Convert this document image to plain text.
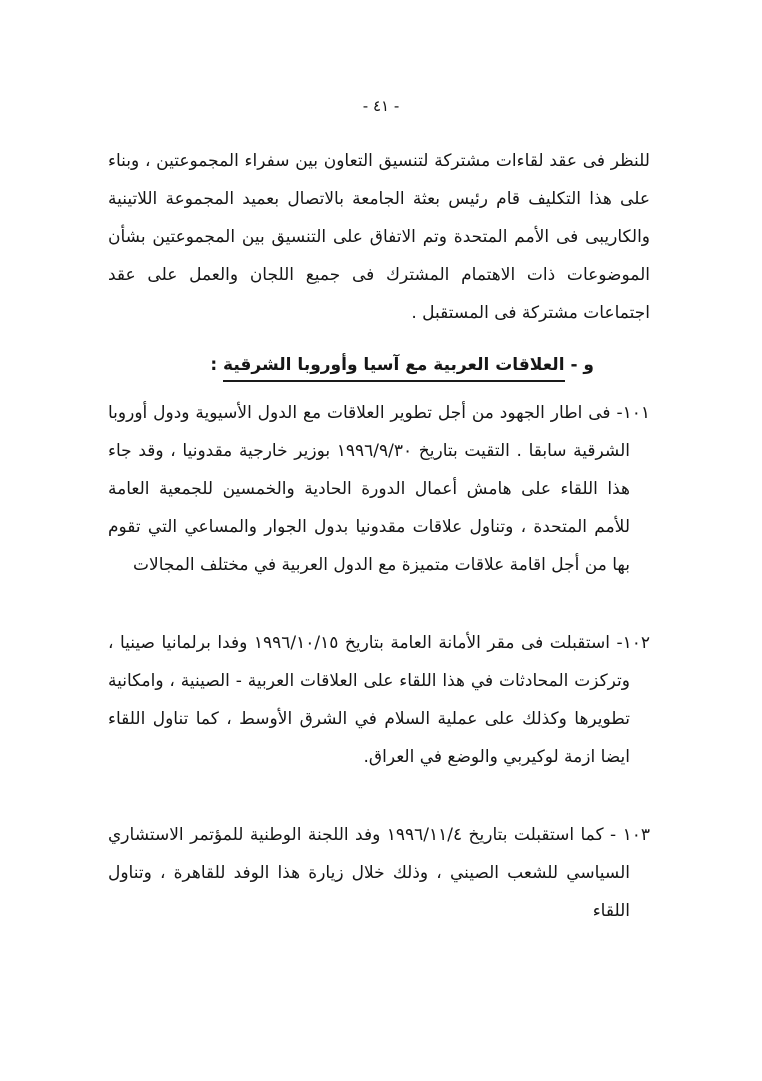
- ٤١ -

للنظر فى عقد لقاءات مشتركة لتنسيق التعاون بين سفراء المجموعتين ، وبناء على هذا التكليف قام رئيس بعثة الجامعة بالاتصال بعميد المجموعة اللاتينية والكاريبى فى الأمم المتحدة وتم الاتفاق على التنسيق بين المجموعتين بشأن الموضوعات ذات الاهتمام المشترك فى جميع اللجان والعمل على عقد اجتماعات مشتركة فى المستقبل .

و - العلاقات العربية مع آسيا وأوروبا الشرقية :

١٠١- فى اطار الجهود من أجل تطوير العلاقات مع الدول الأسيوية ودول أوروبا الشرقية سابقا . التقيت بتاريخ ١٩٩٦/٩/٣٠ بوزير خارجية مقدونيا ، وقد جاء هذا اللقاء على هامش أعمال الدورة الحادية والخمسين للجمعية العامة للأمم المتحدة ، وتناول علاقات مقدونيا بدول الجوار والمساعي التي تقوم بها من أجل اقامة علاقات متميزة مع الدول العربية في مختلف المجالات

١٠٢- استقبلت فى مقر الأمانة العامة بتاريخ ١٩٩٦/١٠/١٥ وفدا برلمانيا صينيا ، وتركزت المحادثات في هذا اللقاء على العلاقات العربية - الصينية ، وامكانية تطويرها وكذلك على عملية السلام في الشرق الأوسط ، كما تناول اللقاء ايضا ازمة لوكيربي والوضع في العراق.

١٠٣ - كما استقبلت بتاريخ ١٩٩٦/١١/٤ وفد اللجنة الوطنية للمؤتمر الاستشاري السياسي للشعب الصيني ، وذلك خلال زيارة هذا الوفد للقاهرة ، وتناول اللقاء
